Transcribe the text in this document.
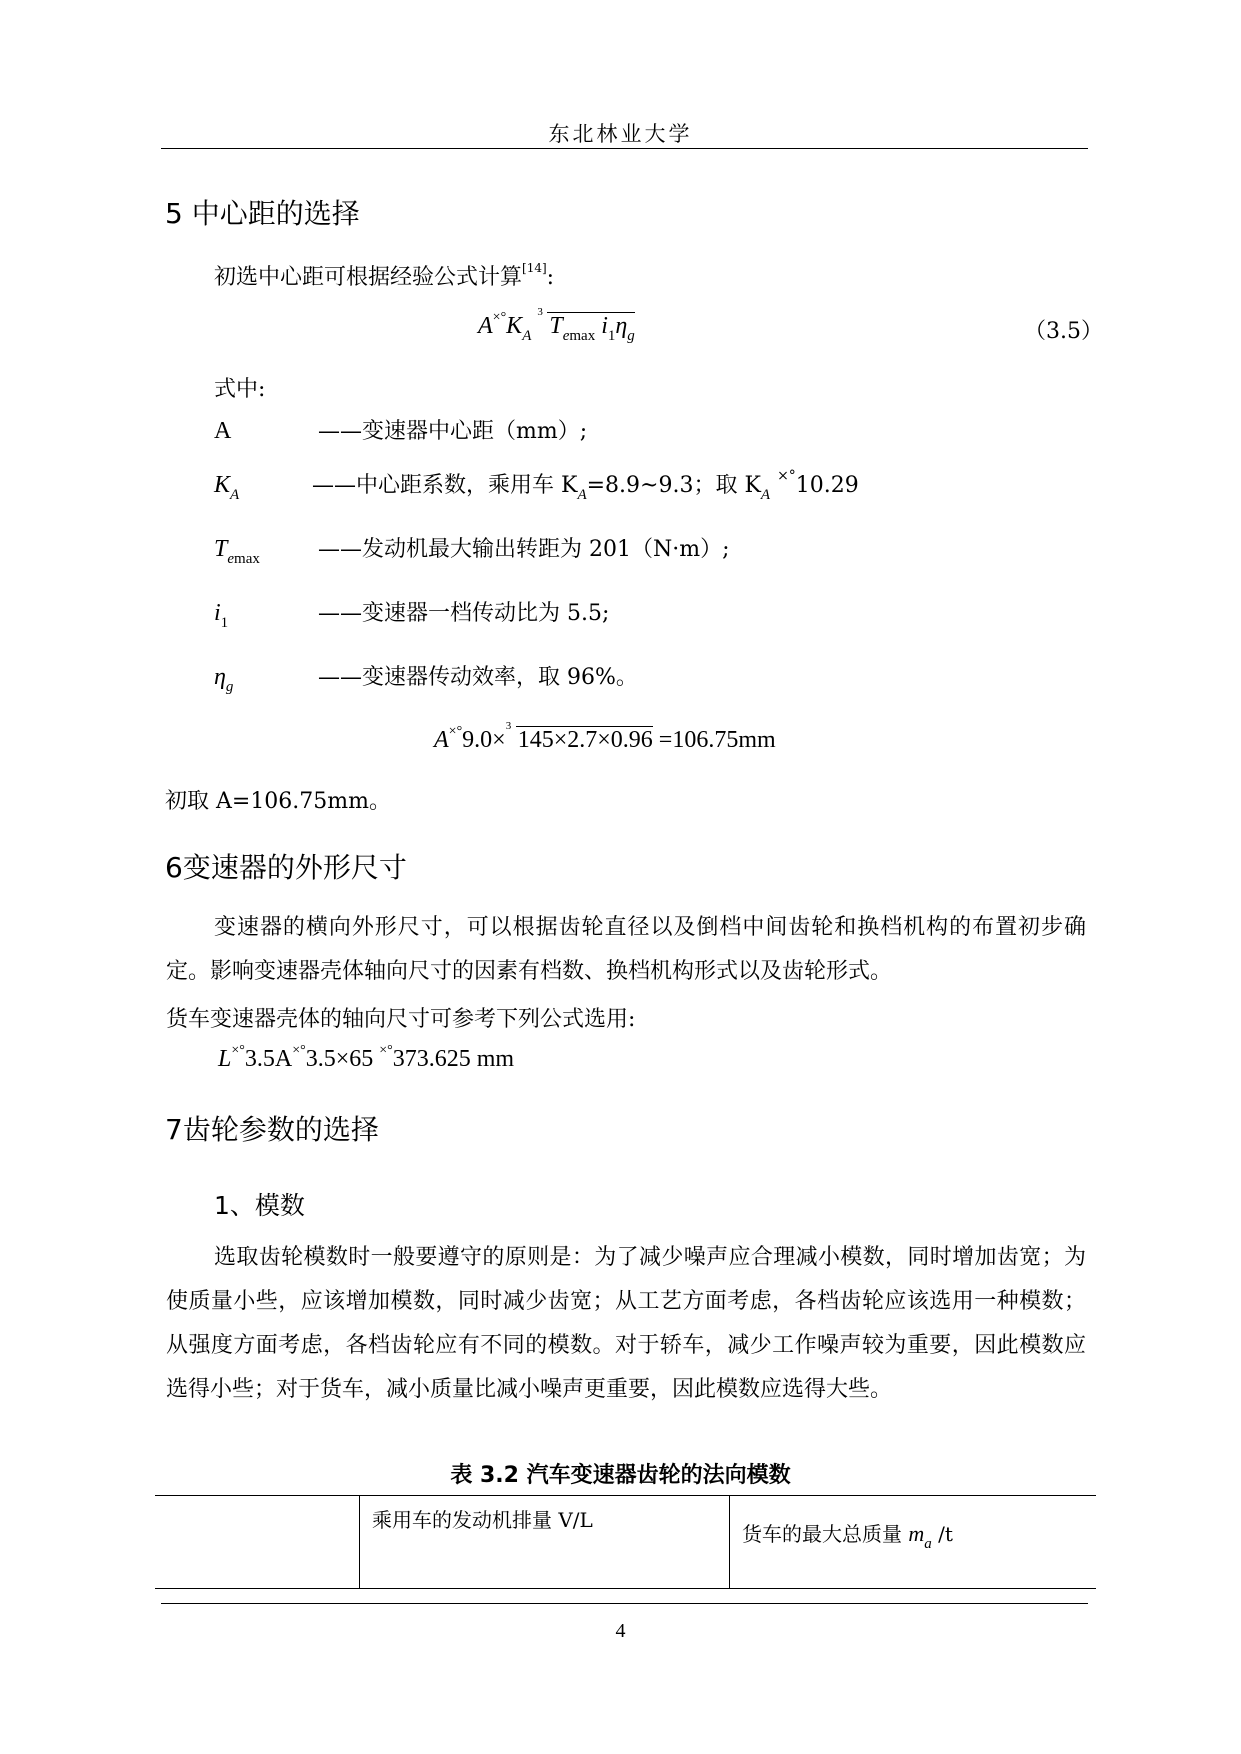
东北林业大学
5 中心距的选择
初选中心距可根据经验公式计算[14]:
$A^{\times^\circ}K_A$
3
$T_{emax}$ $i_1\eta_g$	（3.5）
式中:
A	——变速器中心距（mm）;
$K_A$	——中心距系数，乘用车 $K_A=8.9\sim 9.3$；取 $K_A$ ×°10.29
$T_{emax}$	——发动机最大输出转距为 201（N·m）;
$i_1$	——变速器一档传动比为 5.5;
$\eta_g$	——变速器传动效率，取 96%。
A×°9.0×
3
145×2.7×0.96 =106.75mm
初取 A=106.75mm。
6变速器的外形尺寸
变速器的横向外形尺寸，可以根据齿轮直径以及倒档中间齿轮和换档机构的布置初步确定。影响变速器壳体轴向尺寸的因素有档数、换档机构形式以及齿轮形式。
货车变速器壳体的轴向尺寸可参考下列公式选用:
L×°3.5A×°3.5×65 ×°373.625 mm
7齿轮参数的选择
1、模数
选取齿轮模数时一般要遵守的原则是：为了减少噪声应合理减小模数，同时增加齿宽；为使质量小些，应该增加模数，同时减少齿宽；从工艺方面考虑，各档齿轮应该选用一种模数；从强度方面考虑，各档齿轮应有不同的模数。对于轿车，减少工作噪声较为重要，因此模数应选得小些；对于货车，减小质量比减小噪声更重要，因此模数应选得大些。
表 3.2 汽车变速器齿轮的法向模数
	乘用车的发动机排量 V/L	货车的最大总质量 $m_a$ /t
4
